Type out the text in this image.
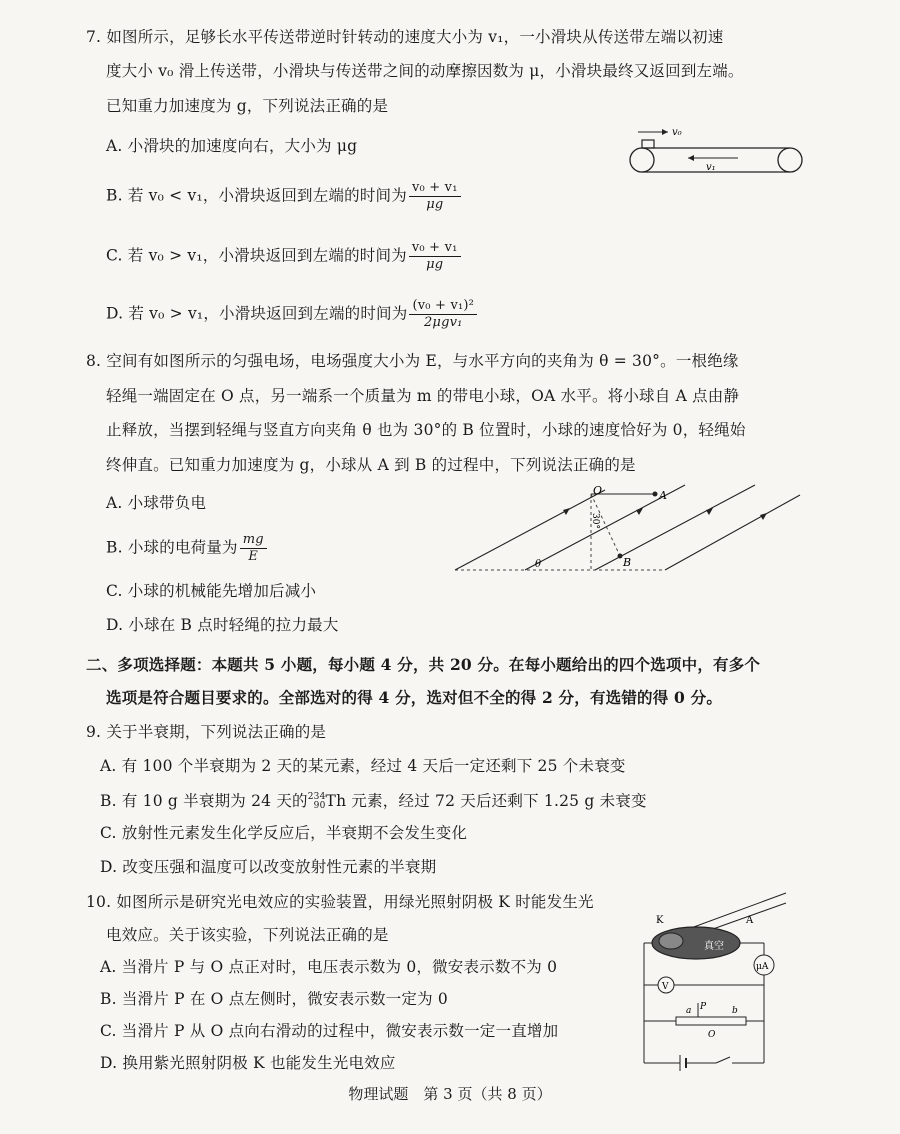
7. 如图所示，足够长水平传送带逆时针转动的速度大小为 v₁，一小滑块从传送带左端以初速
度大小 v₀ 滑上传送带，小滑块与传送带之间的动摩擦因数为 μ，小滑块最终又返回到左端。
已知重力加速度为 g，下列说法正确的是
A. 小滑块的加速度向右，大小为 μg
B. 若 v₀ < v₁，小滑块返回到左端的时间为 $\frac{\text{v₀ + v₁}}{\mu g}$
C. 若 v₀ > v₁，小滑块返回到左端的时间为 $\frac{\text{v₀ + v₁}}{\mu g}$
D. 若 v₀ > v₁，小滑块返回到左端的时间为 $\frac{\text{(v₀ + v₁)²}}{\text{2μgv₁}}$
v₀
v₁
8. 空间有如图所示的匀强电场，电场强度大小为 E，与水平方向的夹角为 θ = 30°。一根绝缘
轻绳一端固定在 O 点，另一端系一个质量为 m 的带电小球，OA 水平。将小球自 A 点由静
止释放，当摆到轻绳与竖直方向夹角 θ 也为 30°的 B 位置时，小球的速度恰好为 0，轻绳始
终伸直。已知重力加速度为 g，小球从 A 到 B 的过程中，下列说法正确的是
A. 小球带负电
B. 小球的电荷量为 $\frac{mg}{E}$
C. 小球的机械能先增加后减小
D. 小球在 B 点时轻绳的拉力最大
O	A
B
θ
30°
二、多项选择题：本题共 5 小题，每小题 4 分，共 20 分。在每小题给出的四个选项中，有多个
选项是符合题目要求的。全部选对的得 4 分，选对但不全的得 2 分，有选错的得 0 分。
9. 关于半衰期，下列说法正确的是
A. 有 100 个半衰期为 2 天的某元素，经过 4 天后一定还剩下 25 个未衰变
B. 有 10 g 半衰期为 24 天的 234
90 Th 元素，经过 72 天后还剩下 1.25 g 未衰变
C. 放射性元素发生化学反应后，半衰期不会发生变化
D. 改变压强和温度可以改变放射性元素的半衰期
10. 如图所示是研究光电效应的实验装置，用绿光照射阴极 K 时能发生光
电效应。关于该实验，下列说法正确的是
A. 当滑片 P 与 O 点正对时，电压表示数为 0，微安表示数不为 0
B. 当滑片 P 在 O 点左侧时，微安表示数一定为 0
C. 当滑片 P 从 O 点向右滑动的过程中，微安表示数一定一直增加
D. 换用紫光照射阴极 K 也能发生光电效应
K	A
真空
μA
V
a P	b
O
物理试题　第 3 页（共 8 页）
